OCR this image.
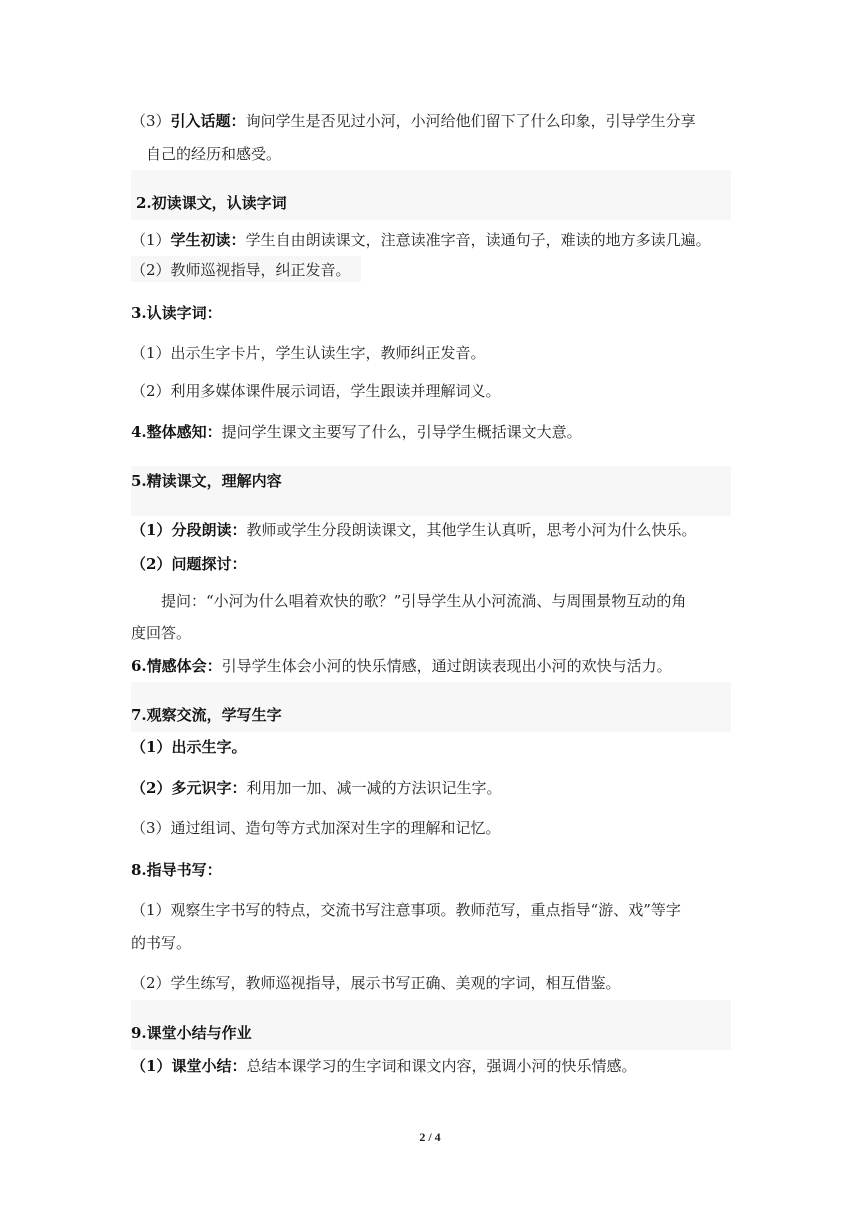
（3）引入话题：询问学生是否见过小河，小河给他们留下了什么印象，引导学生分享
自己的经历和感受。
2.初读课文，认读字词
（1）学生初读：学生自由朗读课文，注意读准字音，读通句子，难读的地方多读几遍。
（2）教师巡视指导，纠正发音。
3.认读字词：
（1）出示生字卡片，学生认读生字，教师纠正发音。
（2）利用多媒体课件展示词语，学生跟读并理解词义。
4.整体感知：提问学生课文主要写了什么，引导学生概括课文大意。
5.精读课文，理解内容
（1）分段朗读：教师或学生分段朗读课文，其他学生认真听，思考小河为什么快乐。
（2）问题探讨：
提问：“小河为什么唱着欢快的歌？”引导学生从小河流淌、与周围景物互动的角
度回答。
6.情感体会：引导学生体会小河的快乐情感，通过朗读表现出小河的欢快与活力。
7.观察交流，学写生字
（1）出示生字。
（2）多元识字：利用加一加、减一减的方法识记生字。
（3）通过组词、造句等方式加深对生字的理解和记忆。
8.指导书写：
（1）观察生字书写的特点，交流书写注意事项。教师范写，重点指导“游、戏”等字
的书写。
（2）学生练写，教师巡视指导，展示书写正确、美观的字词，相互借鉴。
9.课堂小结与作业
（1）课堂小结：总结本课学习的生字词和课文内容，强调小河的快乐情感。
2 / 4
